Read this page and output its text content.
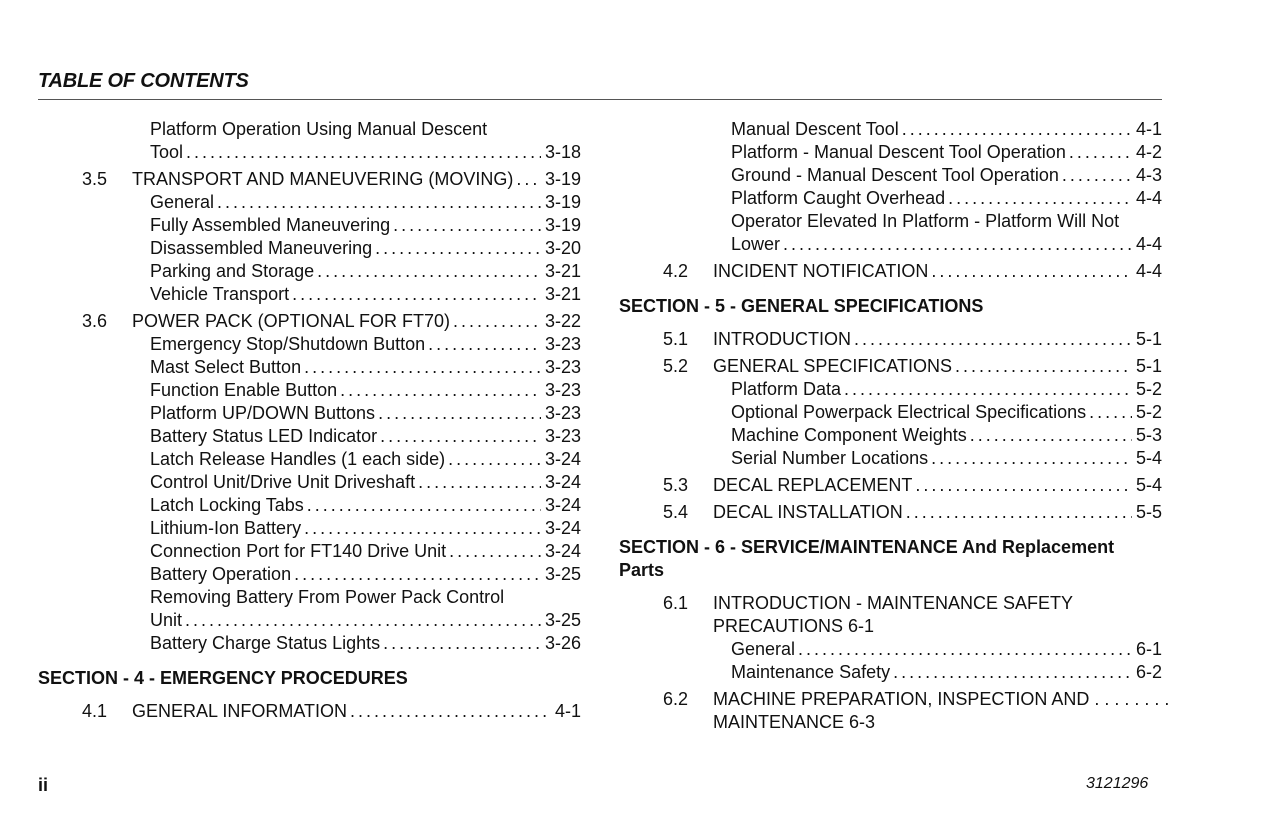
TABLE OF CONTENTS
Platform Operation Using Manual Descent
Tool . . .	3-18
3.5	TRANSPORT AND MANEUVERING (MOVING) . . . 3-19
General . . .	3-19
Fully Assembled Maneuvering . . .	3-19
Disassembled Maneuvering . . .	3-20
Parking and Storage . . .	3-21
Vehicle Transport . . .	3-21
3.6	POWER PACK (OPTIONAL FOR FT70) . . .	3-22
Emergency Stop/Shutdown Button . . .	3-23
Mast Select Button . . .	3-23
Function Enable Button . . .	3-23
Platform UP/DOWN Buttons . . .	3-23
Battery Status LED Indicator . . .	3-23
Latch Release Handles (1 each side) . . .	3-24
Control Unit/Drive Unit Driveshaft . . .	3-24
Latch Locking Tabs . . .	3-24
Lithium-Ion Battery . . .	3-24
Connection Port for FT140 Drive Unit . . .	3-24
Battery Operation . . .	3-25
Removing Battery From Power Pack Control
Unit . . .	3-25
Battery Charge Status Lights . . .	3-26
SECTION - 4 - EMERGENCY PROCEDURES
4.1	GENERAL INFORMATION . . .	4-1
Manual Descent Tool . . .	4-1
Platform - Manual Descent Tool Operation . . .	4-2
Ground - Manual Descent Tool Operation . . .	4-3
Platform Caught Overhead . . .	4-4
Operator Elevated In Platform - Platform Will Not
Lower . . .	4-4
4.2	INCIDENT NOTIFICATION . . .	4-4
SECTION - 5 - GENERAL SPECIFICATIONS
5.1	INTRODUCTION . . .	5-1
5.2	GENERAL SPECIFICATIONS . . .	5-1
Platform Data . . .	5-2
Optional Powerpack Electrical Specifications . . .	5-2
Machine Component Weights . . .	5-3
Serial Number Locations . . .	5-4
5.3	DECAL REPLACEMENT . . .	5-4
5.4	DECAL INSTALLATION . . .	5-5
SECTION - 6 - SERVICE/MAINTENANCE And Replacement
Parts
6.1	INTRODUCTION - MAINTENANCE SAFETY
PRECAUTIONS 6-1
General . . .	6-1
Maintenance Safety . . .	6-2
6.2	MACHINE PREPARATION, INSPECTION AND . . . . . . . .
MAINTENANCE 6-3
ii	3121296
